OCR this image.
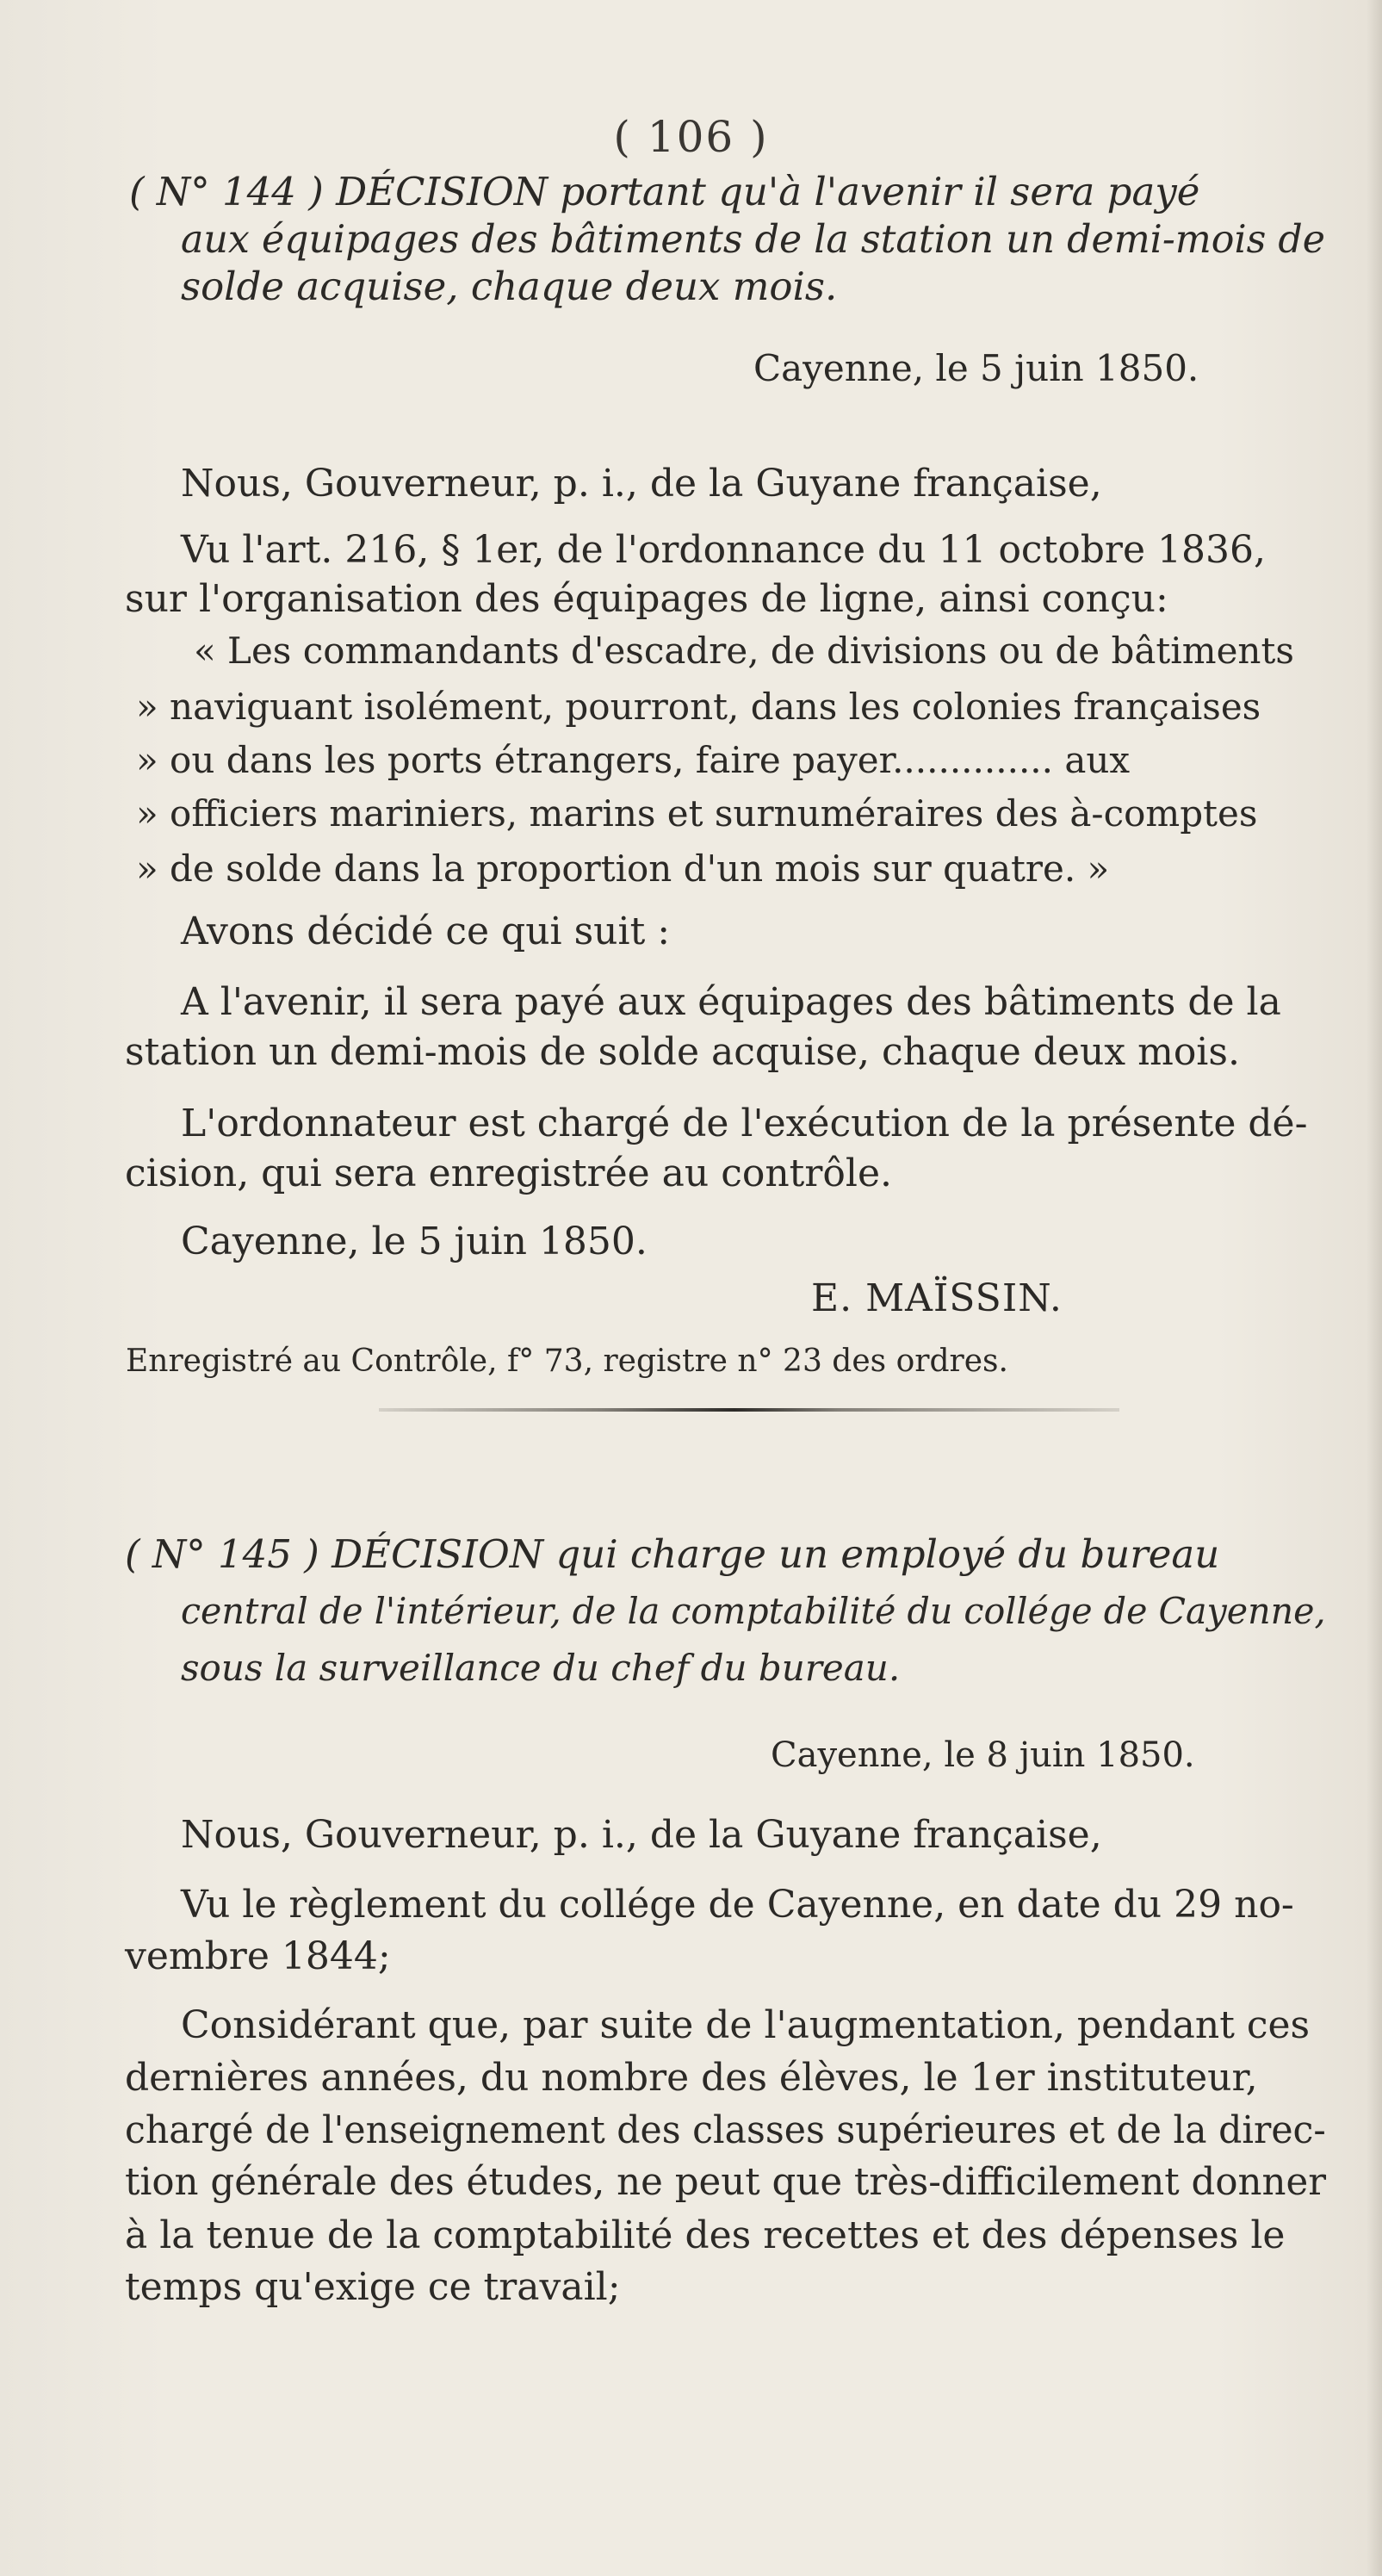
( 106 )
( N° 144 ) DÉCISION portant qu'à l'avenir il sera payé
aux équipages des bâtiments de la station un demi-mois de
solde acquise, chaque deux mois.
Cayenne, le 5 juin 1850.
Nous, Gouverneur, p. i., de la Guyane française,
Vu l'art. 216, § 1er, de l'ordonnance du 11 octobre 1836,
sur l'organisation des équipages de ligne, ainsi conçu:
« Les commandants d'escadre, de divisions ou de bâtiments
» naviguant isolément, pourront, dans les colonies françaises
» ou dans les ports étrangers, faire payer.............. aux
» officiers mariniers, marins et surnuméraires des à-comptes
» de solde dans la proportion d'un mois sur quatre. »
Avons décidé ce qui suit :
A l'avenir, il sera payé aux équipages des bâtiments de la
station un demi-mois de solde acquise, chaque deux mois.
L'ordonnateur est chargé de l'exécution de la présente dé-
cision, qui sera enregistrée au contrôle.
Cayenne, le 5 juin 1850.
E. MAÏSSIN.
Enregistré au Contrôle, f° 73, registre n° 23 des ordres.
( N° 145 ) DÉCISION qui charge un employé du bureau
central de l'intérieur, de la comptabilité du collége de Cayenne,
sous la surveillance du chef du bureau.
Cayenne, le 8 juin 1850.
Nous, Gouverneur, p. i., de la Guyane française,
Vu le règlement du collége de Cayenne, en date du 29 no-
vembre 1844;
Considérant que, par suite de l'augmentation, pendant ces
dernières années, du nombre des élèves, le 1er instituteur,
chargé de l'enseignement des classes supérieures et de la direc-
tion générale des études, ne peut que très-difficilement donner
à la tenue de la comptabilité des recettes et des dépenses le
temps qu'exige ce travail;
